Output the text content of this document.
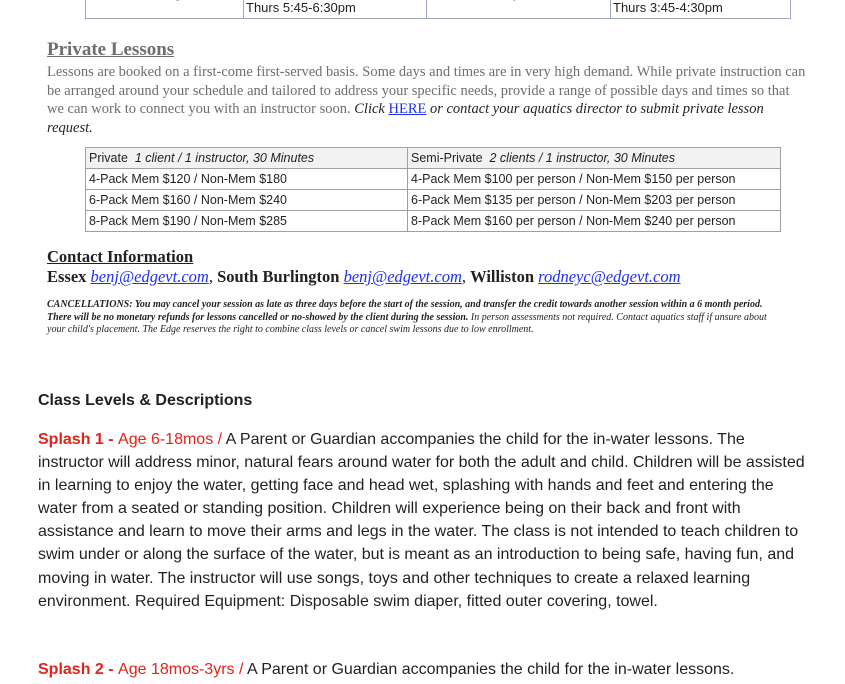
Thurs 5:45-6:30pm	Thurs 3:45-4:30pm
Private Lessons
Lessons are booked on a first-come first-served basis. Some days and times are in very high demand. While private instruction can be arranged around your schedule and tailored to address your specific needs, provide a range of possible days and times so that we can work to connect you with an instructor soon. Click HERE or contact your aquatics director to submit private lesson request.
Private 1 client / 1 instructor, 30 Minutes	Semi-Private 2 clients / 1 instructor, 30 Minutes
4-Pack Mem $120 / Non-Mem $180	4-Pack Mem $100 per person / Non-Mem $150 per person
6-Pack Mem $160 / Non-Mem $240	6-Pack Mem $135 per person / Non-Mem $203 per person
8-Pack Mem $190 / Non-Mem $285	8-Pack Mem $160 per person / Non-Mem $240 per person
Contact Information
Essex benj@edgevt.com, South Burlington benj@edgevt.com, Williston rodneyc@edgevt.com
CANCELLATIONS: You may cancel your session as late as three days before the start of the session, and transfer the credit towards another session within a 6 month period. There will be no monetary refunds for lessons cancelled or no-showed by the client during the session. In person assessments not required. Contact aquatics staff if unsure about your child's placement. The Edge reserves the right to combine class levels or cancel swim lessons due to low enrollment.
Class Levels & Descriptions
Splash 1 - Age 6-18mos / A Parent or Guardian accompanies the child for the in-water lessons. The instructor will address minor, natural fears around water for both the adult and child. Children will be assisted in learning to enjoy the water, getting face and head wet, splashing with hands and feet and entering the water from a seated or standing position. Children will experience being on their back and front with assistance and learn to move their arms and legs in the water. The class is not intended to teach children to swim under or along the surface of the water, but is meant as an introduction to being safe, having fun, and moving in water. The instructor will use songs, toys and other techniques to create a relaxed learning environment. Required Equipment: Disposable swim diaper, fitted outer covering, towel.
Splash 2 - Age 18mos-3yrs / A Parent or Guardian accompanies the child for the in-water lessons.
